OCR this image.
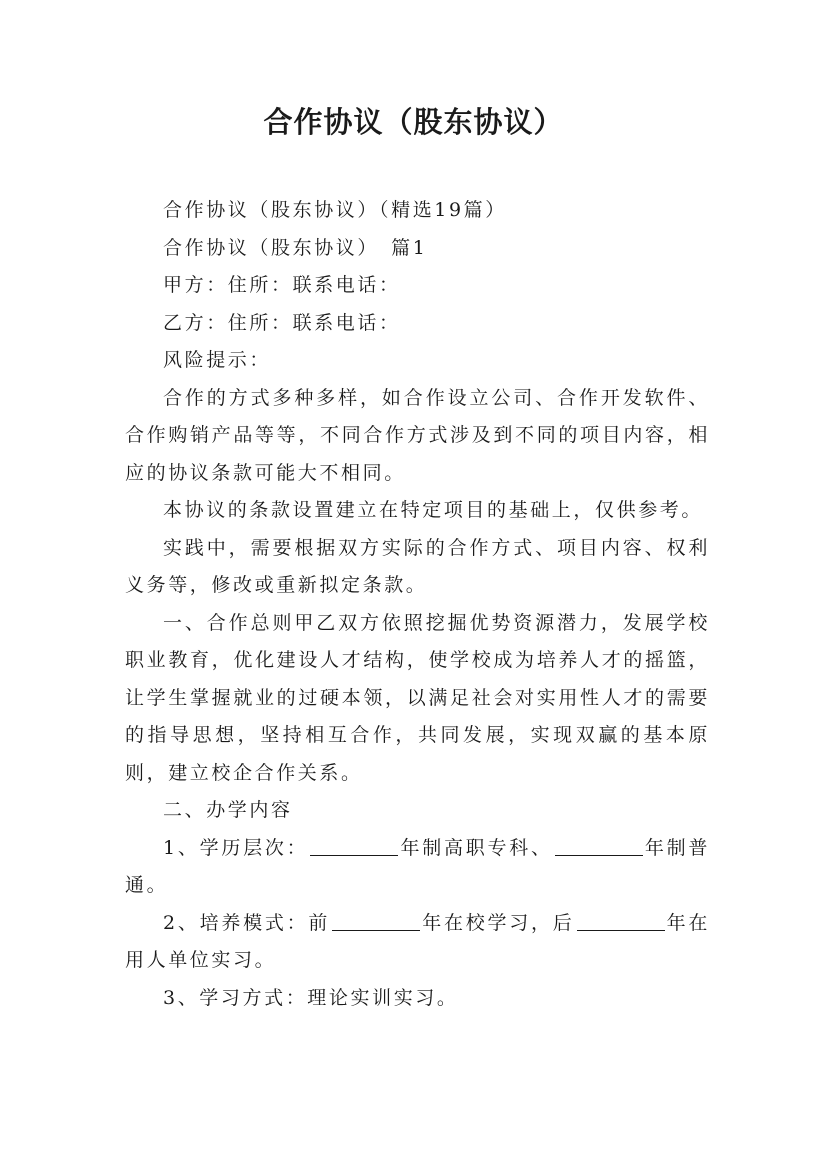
合作协议（股东协议）

合作协议（股东协议）（精选19篇）

合作协议（股东协议）　篇1

甲方：住所：联系电话：

乙方：住所：联系电话：

风险提示：

合作的方式多种多样，如合作设立公司、合作开发软件、合作购销产品等等，不同合作方式涉及到不同的项目内容，相应的协议条款可能大不相同。

本协议的条款设置建立在特定项目的基础上，仅供参考。

实践中，需要根据双方实际的合作方式、项目内容、权利义务等，修改或重新拟定条款。

一、合作总则甲乙双方依照挖掘优势资源潜力，发展学校职业教育，优化建设人才结构，使学校成为培养人才的摇篮，让学生掌握就业的过硬本领，以满足社会对实用性人才的需要的指导思想，坚持相互合作，共同发展，实现双赢的基本原则，建立校企合作关系。

二、办学内容

1、学历层次：	年制高职专科、	年制普通。

2、培养模式：前	年在校学习，后	年在用人单位实习。

3、学习方式：理论实训实习。
